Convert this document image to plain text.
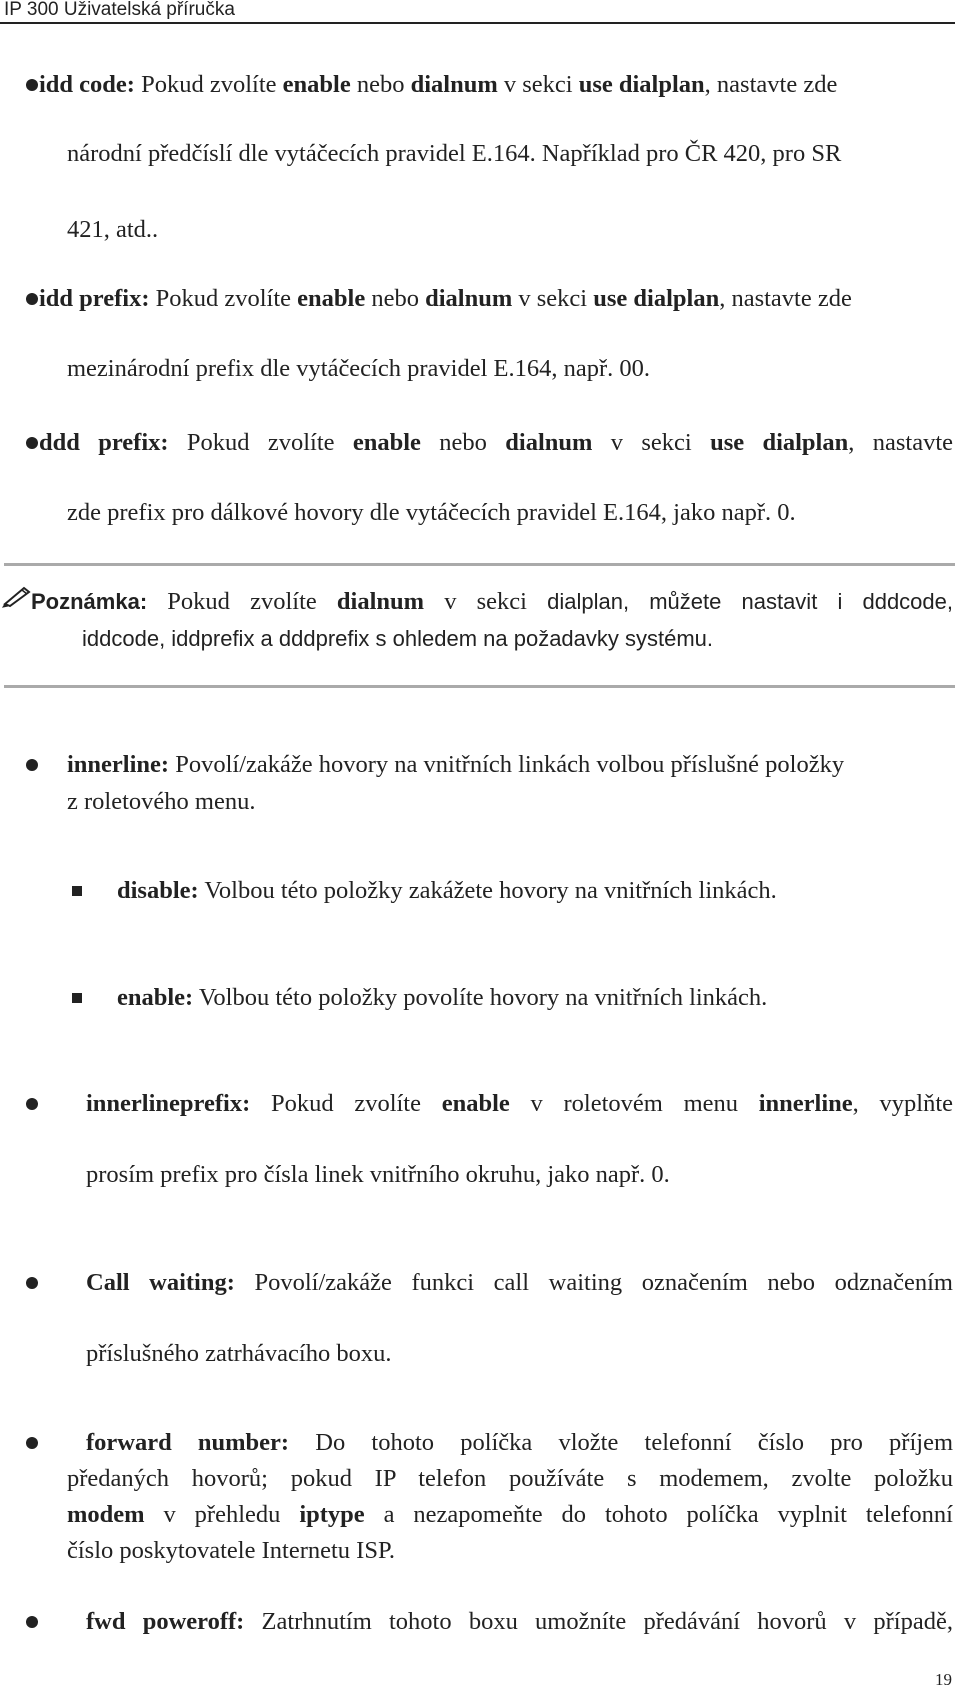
IP 300 Uživatelská příručka
idd code: Pokud zvolíte enable nebo dialnum v sekci use dialplan, nastavte zde
národní předčíslí dle vytáčecích pravidel E.164. Například pro ČR 420, pro SR
421, atd..
idd prefix: Pokud zvolíte enable nebo dialnum v sekci use dialplan, nastavte zde
mezinárodní prefix dle vytáčecích pravidel E.164, např. 00.
ddd prefix: Pokud zvolíte enable nebo dialnum v sekci use dialplan, nastavte
zde prefix pro dálkové hovory dle vytáčecích pravidel E.164, jako např. 0.
Poznámka: Pokud zvolíte dialnum v sekci dialplan, můžete nastavit i dddcode,
iddcode, iddprefix a dddprefix s ohledem na požadavky systému.
innerline: Povolí/zakáže hovory na vnitřních linkách volbou příslušné položky
z roletového menu.
disable: Volbou této položky zakážete hovory na vnitřních linkách.
enable: Volbou této položky povolíte hovory na vnitřních linkách.
innerlineprefix: Pokud zvolíte enable v roletovém menu innerline, vyplňte
prosím prefix pro čísla linek vnitřního okruhu, jako např. 0.
Call waiting: Povolí/zakáže funkci call waiting označením nebo odznačením
příslušného zatrhávacího boxu.
forward number: Do tohoto políčka vložte telefonní číslo pro příjem
předaných hovorů; pokud IP telefon používáte s modemem, zvolte položku
modem v přehledu iptype a nezapomeňte do tohoto políčka vyplnit telefonní
číslo poskytovatele Internetu ISP.
fwd poweroff: Zatrhnutím tohoto boxu umožníte předávání hovorů v případě,
19
